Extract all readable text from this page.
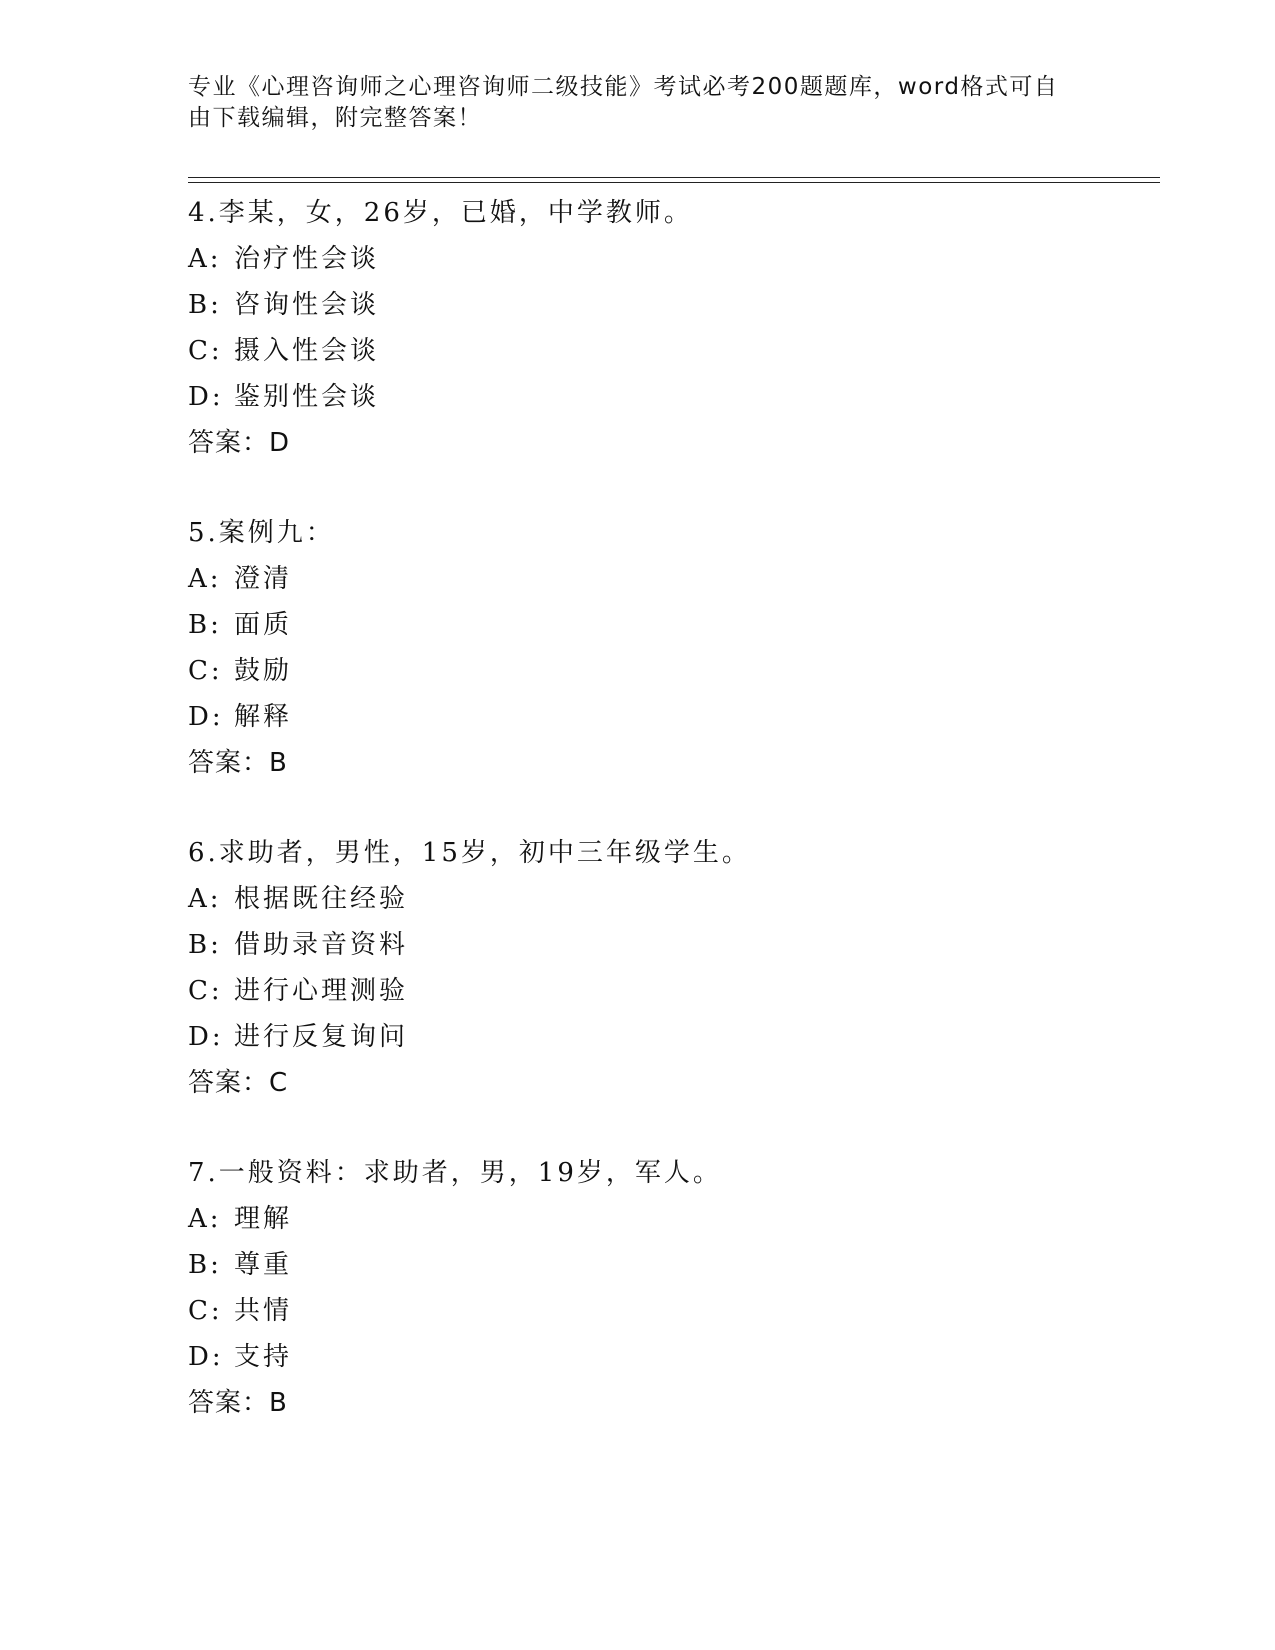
专业《心理咨询师之心理咨询师二级技能》考试必考200题题库，word格式可自
由下载编辑，附完整答案！
4.李某，女，26岁，已婚，中学教师。
A: 治疗性会谈
B: 咨询性会谈
C: 摄入性会谈
D: 鉴别性会谈
答案：D
5.案例九：
A: 澄清
B: 面质
C: 鼓励
D: 解释
答案：B
6.求助者，男性，15岁，初中三年级学生。
A: 根据既往经验
B: 借助录音资料
C: 进行心理测验
D: 进行反复询问
答案：C
7.一般资料：求助者，男，19岁，军人。
A: 理解
B: 尊重
C: 共情
D: 支持
答案：B
